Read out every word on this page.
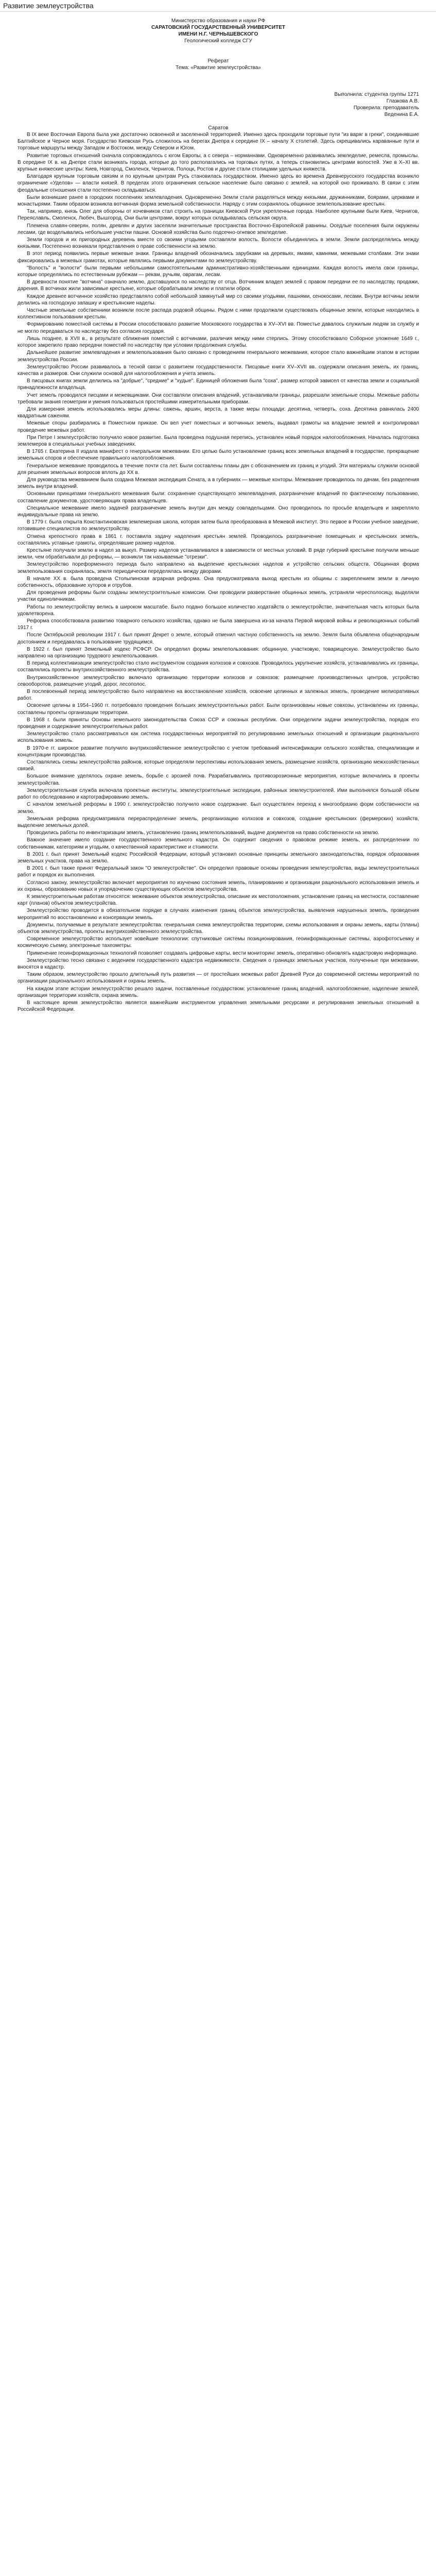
Развитие землеустройства

Министерство образования и науки РФ

САРАТОВСКИЙ ГОСУДАРСТВЕННЫЙ УНИВЕРСИТЕТ

ИМЕНИ Н.Г. ЧЕРНЫШЕВСКОГО

Геологический колледж СГУ

Реферат

Тема: «Развитие землеустройства»

Выполнила: студентка группы 1271

Глазкова А.В.

Проверила: преподаватель

Веденина Е.А.

Саратов

В IX веке Восточная Европа была уже достаточно освоенной и заселенной территорией. Именно здесь проходили торговые пути "из варяг в греки", соединявшие Балтийское и Черное моря. Государство Киевская Русь сложилось на берегах Днепра к середине IX – началу X столетий. Здесь скрещивались караванные пути и торговые маршруты между Западом и Востоком, между Севером и Югом.

Развитие торговых отношений сначала сопровождалось с югом Европы, а с севера – норманнами. Одновременно развивались земледелие, ремесла, промыслы. В середине IX в. на Днепре стали возникать города, которые до того располагались на торговых путях, а теперь становились центрами волостей. Уже в X–XI вв. крупные княжеские центры: Киев, Новгород, Смоленск, Чернигов, Полоцк, Ростов и другие стали столицами удельных княжеств.

Благодаря крупным торговым связям и по крупным центрам Русь становилась государством. Именно здесь во времена Древнерусского государства возникло ограничение «Уделов» — власти князей. В пределах этого ограничения сельское население было связано с землей, на которой оно проживало. В связи с этим феодальные отношения стали постепенно складываться.

Были возникшие ранее в городских поселениях землевладения. Одновременно Земли стали разделяться между князьями, дружинниками, боярами, церквами и монастырями. Таким образом возникла вотчинная форма земельной собственности. Наряду с этим сохранялось общинное землепользование крестьян.

Так, например, князь Олег для обороны от кочевников стал строить на границах Киевской Руси укрепленные города. Наиболее крупными были Киев, Чернигов, Переяславль, Смоленск, Любеч, Вышгород. Они были центрами, вокруг которых складывалась сельская округа.

Племена славян-северян, полян, древлян и других заселяли значительные пространства Восточно-Европейской равнины. Оседлые поселения были окружены лесами, где возделывались небольшие участки пашни. Основой хозяйства было подсечно-огневое земледелие.

Земли городов и их пригородных деревень вместе со своими угодьями составляли волость. Волости объединялись в земли. Земли распределялись между князьями. Постепенно возникали представления о праве собственности на землю.

В этот период появились первые межевые знаки. Границы владений обозначались зарубками на деревьях, ямами, камнями, межевыми столбами. Эти знаки фиксировались в межевых грамотах, которые являлись первыми документами по землеустройству.

"Волость" и "волости" были первыми небольшими самостоятельными административно-хозяйственными единицами. Каждая волость имела свои границы, которые определялись по естественным рубежам — рекам, ручьям, оврагам, лесам.

В древности понятие "вотчина" означало землю, доставшуюся по наследству от отца. Вотчинник владел землей с правом передачи ее по наследству, продажи, дарения. В вотчинах жили зависимые крестьяне, которые обрабатывали землю и платили оброк.

Каждое древнее вотчинное хозяйство представляло собой небольшой замкнутый мир со своими угодьями, пашнями, сенокосами, лесами. Внутри вотчины земли делились на господскую запашку и крестьянские наделы.

Частные земельные собственники возникли после распада родовой общины. Рядом с ними продолжали существовать общинные земли, которые находились в коллективном пользовании крестьян.

Формированию поместной системы в России способствовало развитие Московского государства в XV–XVI вв. Поместье давалось служилым людям за службу и не могло передаваться по наследству без согласия государя.

Лишь позднее, в XVII в., в результате сближения поместий с вотчинами, различия между ними стерлись. Этому способствовало Соборное уложение 1649 г., которое закрепило право передачи поместий по наследству при условии продолжения службы.

Дальнейшее развитие землевладения и землепользования было связано с проведением генерального межевания, которое стало важнейшим этапом в истории землеустройства России.

Землеустройство России развивалось в тесной связи с развитием государственности. Писцовые книги XV–XVII вв. содержали описания земель, их границ, качества и размеров. Они служили основой для налогообложения и учета земель.

В писцовых книгах земли делились на "добрые", "средние" и "худые". Единицей обложения была "соха", размер которой зависел от качества земли и социальной принадлежности владельца.

Учет земель проводился писцами и межевщиками. Они составляли описания владений, устанавливали границы, разрешали земельные споры. Межевые работы требовали знания геометрии и умения пользоваться простейшими измерительными приборами.

Для измерения земель использовались меры длины: сажень, аршин, верста, а также меры площади: десятина, четверть, соха. Десятина равнялась 2400 квадратным саженям.

Межевые споры разбирались в Поместном приказе. Он вел учет поместных и вотчинных земель, выдавал грамоты на владение землей и контролировал проведение межевых работ.

При Петре I землеустройство получило новое развитие. Была проведена подушная перепись, установлен новый порядок налогообложения. Началась подготовка землемеров в специальных учебных заведениях.

В 1765 г. Екатерина II издала манифест о генеральном межевании. Его целью было установление границ всех земельных владений в государстве, прекращение земельных споров и обеспечение правильного налогообложения.

Генеральное межевание проводилось в течение почти ста лет. Были составлены планы дач с обозначением их границ и угодий. Эти материалы служили основой для решения земельных вопросов вплоть до XX в.

Для руководства межеванием была создана Межевая экспедиция Сената, а в губерниях — межевые конторы. Межевание проводилось по дачам, без разделения земель внутри владений.

Основными принципами генерального межевания были: сохранение существующего землевладения, разграничение владений по фактическому пользованию, составление документов, удостоверяющих права владельцев.

Специальное межевание имело задачей разграничение земель внутри дач между совладельцами. Оно проводилось по просьбе владельцев и закрепляло индивидуальные права на землю.

В 1779 г. была открыта Константиновская землемерная школа, которая затем была преобразована в Межевой институт. Это первое в России учебное заведение, готовившее специалистов по землеустройству.

Отмена крепостного права в 1861 г. поставила задачу наделения крестьян землей. Проводилось разграничение помещичьих и крестьянских земель, составлялись уставные грамоты, определявшие размер наделов.

Крестьяне получали землю в надел за выкуп. Размер наделов устанавливался в зависимости от местных условий. В ряде губерний крестьяне получили меньше земли, чем обрабатывали до реформы, — возникли так называемые "отрезки".

Землеустройство пореформенного периода было направлено на выделение крестьянских наделов и устройство сельских обществ. Общинная форма землепользования сохранялась, земля периодически переделялась между дворами.

В начале XX в. была проведена Столыпинская аграрная реформа. Она предусматривала выход крестьян из общины с закреплением земли в личную собственность, образование хуторов и отрубов.

Для проведения реформы были созданы землеустроительные комиссии. Они проводили разверстание общинных земель, устраняли чересполосицу, выделяли участки единоличникам.

Работы по землеустройству велись в широком масштабе. Было подано большое количество ходатайств о землеустройстве, значительная часть которых была удовлетворена.

Реформа способствовала развитию товарного сельского хозяйства, однако не была завершена из-за начала Первой мировой войны и революционных событий 1917 г.

После Октябрьской революции 1917 г. был принят Декрет о земле, который отменил частную собственность на землю. Земля была объявлена общенародным достоянием и передавалась в пользование трудящимся.

В 1922 г. был принят Земельный кодекс РСФСР. Он определил формы землепользования: общинную, участковую, товарищескую. Землеустройство было направлено на организацию трудового землепользования.

В период коллективизации землеустройство стало инструментом создания колхозов и совхозов. Проводилось укрупнение хозяйств, устанавливались их границы, составлялись проекты внутрихозяйственного землеустройства.

Внутрихозяйственное землеустройство включало организацию территории колхозов и совхозов: размещение производственных центров, устройство севооборотов, размещение угодий, дорог, лесополос.

В послевоенный период землеустройство было направлено на восстановление хозяйств, освоение целинных и залежных земель, проведение мелиоративных работ.

Освоение целины в 1954–1960 гг. потребовало проведения больших землеустроительных работ. Были организованы новые совхозы, установлены их границы, составлены проекты организации территории.

В 1968 г. были приняты Основы земельного законодательства Союза ССР и союзных республик. Они определили задачи землеустройства, порядок его проведения и содержание землеустроительных работ.

Землеустройство стало рассматриваться как система государственных мероприятий по регулированию земельных отношений и организации рационального использования земель.

В 1970-е гг. широкое развитие получило внутрихозяйственное землеустройство с учетом требований интенсификации сельского хозяйства, специализации и концентрации производства.

Составлялись схемы землеустройства районов, которые определяли перспективы использования земель, размещение хозяйств, организацию межхозяйственных связей.

Большое внимание уделялось охране земель, борьбе с эрозией почв. Разрабатывались противоэрозионные мероприятия, которые включались в проекты землеустройства.

Землеустроительная служба включала проектные институты, землеустроительные экспедиции, районных землеустроителей. Ими выполнялся большой объем работ по обследованию и картографированию земель.

С началом земельной реформы в 1990 г. землеустройство получило новое содержание. Был осуществлен переход к многообразию форм собственности на землю.

Земельная реформа предусматривала перераспределение земель, реорганизацию колхозов и совхозов, создание крестьянских (фермерских) хозяйств, выделение земельных долей.

Проводились работы по инвентаризации земель, установлению границ землепользований, выдаче документов на право собственности на землю.

Важное значение имело создание государственного земельного кадастра. Он содержит сведения о правовом режиме земель, их распределении по собственникам, категориям и угодьям, о качественной характеристике и стоимости.

В 2001 г. был принят Земельный кодекс Российской Федерации, который установил основные принципы земельного законодательства, порядок образования земельных участков, права на землю.

В 2001 г. был также принят Федеральный закон "О землеустройстве". Он определил правовые основы проведения землеустройства, виды землеустроительных работ и порядок их выполнения.

Согласно закону, землеустройство включает мероприятия по изучению состояния земель, планированию и организации рационального использования земель и их охраны, образованию новых и упорядочению существующих объектов землеустройства.

К землеустроительным работам относятся: межевание объектов землеустройства, описание их местоположения, установление границ на местности, составление карт (планов) объектов землеустройства.

Землеустройство проводится в обязательном порядке в случаях изменения границ объектов землеустройства, выявления нарушенных земель, проведения мероприятий по восстановлению и консервации земель.

Документы, получаемые в результате землеустройства: генеральная схема землеустройства территории, схемы использования и охраны земель, карты (планы) объектов землеустройства, проекты внутрихозяйственного землеустройства.

Современное землеустройство использует новейшие технологии: спутниковые системы позиционирования, геоинформационные системы, аэрофотосъемку и космическую съемку, электронные тахеометры.

Применение геоинформационных технологий позволяет создавать цифровые карты, вести мониторинг земель, оперативно обновлять кадастровую информацию.

Землеустройство тесно связано с ведением государственного кадастра недвижимости. Сведения о границах земельных участков, полученные при межевании, вносятся в кадастр.

Таким образом, землеустройство прошло длительный путь развития — от простейших межевых работ Древней Руси до современной системы мероприятий по организации рационального использования и охраны земель.

На каждом этапе истории землеустройство решало задачи, поставленные государством: установление границ владений, налогообложение, наделение землей, организация территории хозяйств, охрана земель.

В настоящее время землеустройство является важнейшим инструментом управления земельными ресурсами и регулирования земельных отношений в Российской Федерации.
